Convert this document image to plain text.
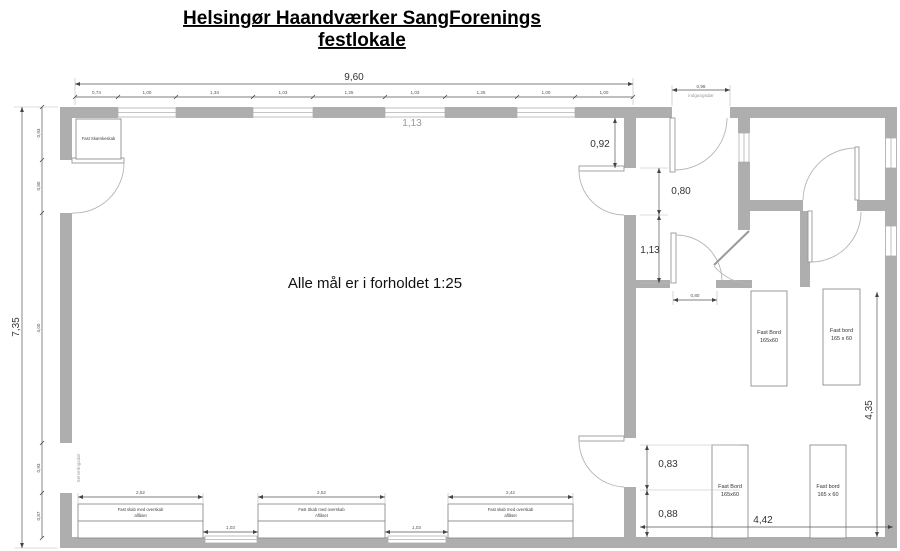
Helsingør Haandværker SangForenings
festlokale
Fast Skænkeskab
Fast Bord
165x60
Fast bord
165 x 60
Fast Bord
165x60
Fast bord
165 x 60
Fast skab med overskab
aflåset
Fast Skab med overskab
Aflåset
Fast skab med overskab
aflåset
9,60
0,74	1,00	1,34	1,03	1,25	1,03	1,25	1,00	1,00
1,13
0,98
indgangsdør
7,35
0,93
0,80
4,00
0,93
0,87
Serveringsdør
0,92
0,80
1,13
0,80
0,83
0,88
4,42
4,35
2,52	2,52	2,42
1,03	1,03
Alle mål er i forholdet 1:25
